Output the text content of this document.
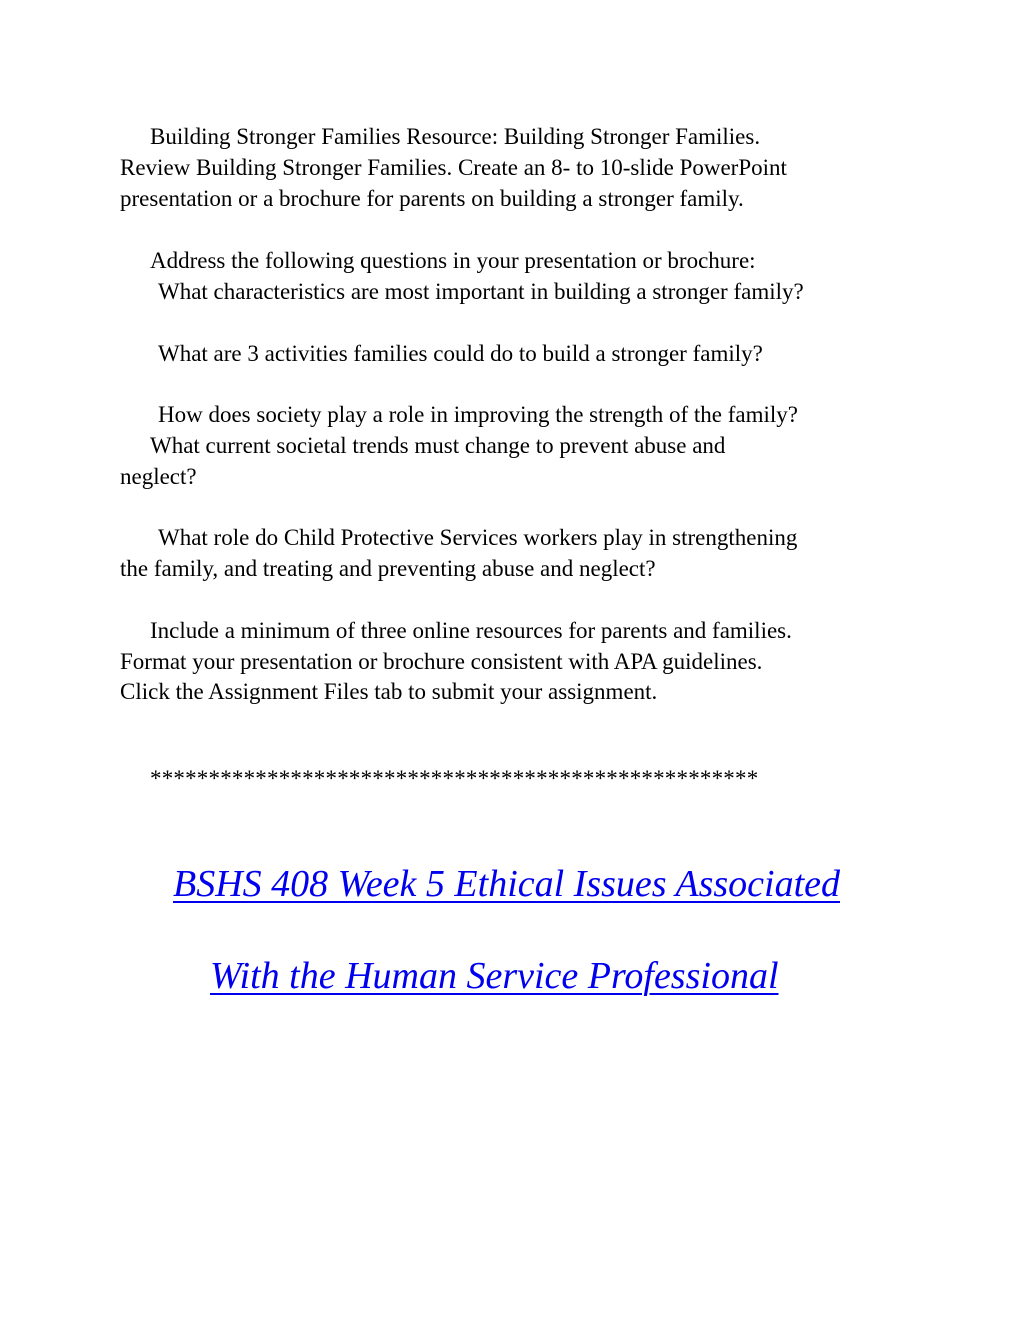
Building Stronger Families Resource: Building Stronger Families.

Review Building Stronger Families. Create an 8- to 10-slide PowerPoint

presentation or a brochure for parents on building a stronger family.

Address the following questions in your presentation or brochure:

What characteristics are most important in building a stronger family?

What are 3 activities families could do to build a stronger family?

How does society play a role in improving the strength of the family?

What current societal trends must change to prevent abuse and

neglect?

What role do Child Protective Services workers play in strengthening

the family, and treating and preventing abuse and neglect?

Include a minimum of three online resources for parents and families.

Format your presentation or brochure consistent with APA guidelines.

Click the Assignment Files tab to submit your assignment.

****************************************************
BSHS 408 Week 5 Ethical Issues Associated
With the Human Service Professional
